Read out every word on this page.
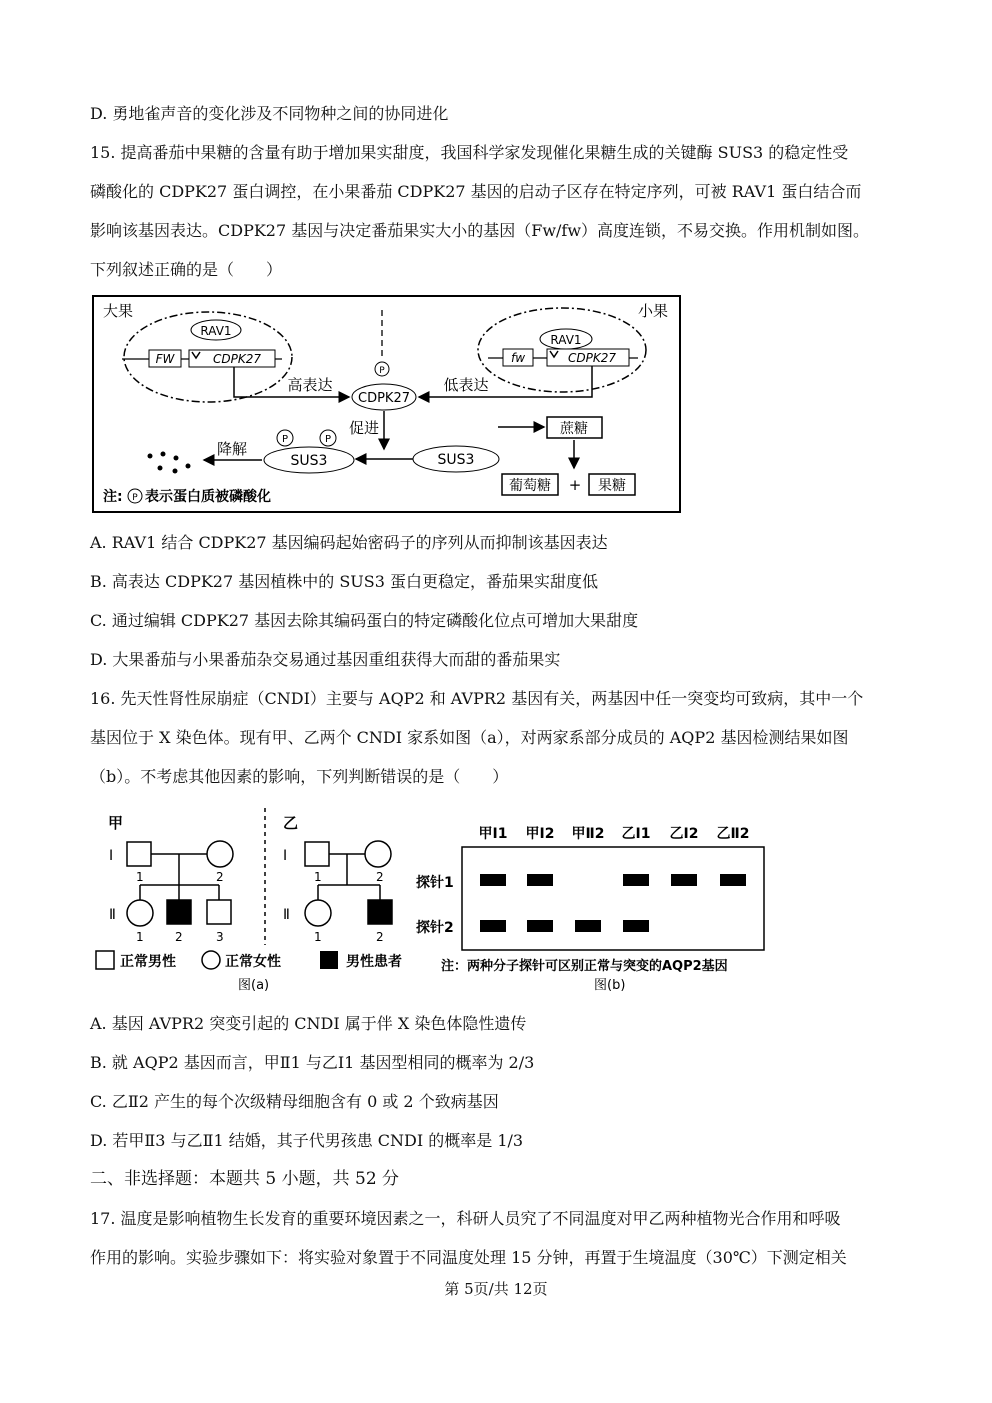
D. 勇地雀声音的变化涉及不同物种之间的协同进化
15. 提高番茄中果糖的含量有助于增加果实甜度，我国科学家发现催化果糖生成的关键酶 SUS3 的稳定性受
磷酸化的 CDPK27 蛋白调控，在小果番茄 CDPK27 基因的启动子区存在特定序列，可被 RAV1 蛋白结合而
影响该基因表达。CDPK27 基因与决定番茄果实大小的基因（Fw/fw）高度连锁，不易交换。作用机制如图。
下列叙述正确的是（　　）
A. RAV1 结合 CDPK27 基因编码起始密码子的序列从而抑制该基因表达
B. 高表达 CDPK27 基因植株中的 SUS3 蛋白更稳定，番茄果实甜度低
C. 通过编辑 CDPK27 基因去除其编码蛋白的特定磷酸化位点可增加大果甜度
D. 大果番茄与小果番茄杂交易通过基因重组获得大而甜的番茄果实
16. 先天性肾性尿崩症（CNDI）主要与 AQP2 和 AVPR2 基因有关，两基因中任一突变均可致病，其中一个
基因位于 X 染色体。现有甲、乙两个 CNDI 家系如图（a），对两家系部分成员的 AQP2 基因检测结果如图
（b）。不考虑其他因素的影响，下列判断错误的是（　　）
A. 基因 AVPR2 突变引起的 CNDI 属于伴 X 染色体隐性遗传
B. 就 AQP2 基因而言，甲Ⅱ1 与乙Ⅰ1 基因型相同的概率为 2/3
C. 乙Ⅱ2 产生的每个次级精母细胞含有 0 或 2 个致病基因
D. 若甲Ⅱ3 与乙Ⅱ1 结婚，其子代男孩患 CNDI 的概率是 1/3
二、非选择题：本题共 5 小题，共 52 分
17. 温度是影响植物生长发育的重要环境因素之一，科研人员究了不同温度对甲乙两种植物光合作用和呼吸
作用的影响。实验步骤如下：将实验对象置于不同温度处理 15 分钟，再置于生境温度（30℃）下测定相关
第 5页/共 12页
大果	小果
RAV1
FW	CDPK27
RAV1
fw	CDPK27
P
CDPK27
高表达	低表达
促进
SUS3
P	P
SUS3
降解
蔗糖
葡萄糖 + 果糖
注: P 表示蛋白质被磷酸化
甲	乙
Ⅰ
Ⅱ
1	2
1	2	3
Ⅰ
Ⅱ
1	2
1	2
正常男性	正常女性	男性患者
图(a)
甲Ⅰ1 甲Ⅰ2 甲Ⅱ2 乙Ⅰ1 乙Ⅰ2 乙Ⅱ2
探针1
探针2
注：两种分子探针可区别正常与突变的AQP2基因
图(b)
